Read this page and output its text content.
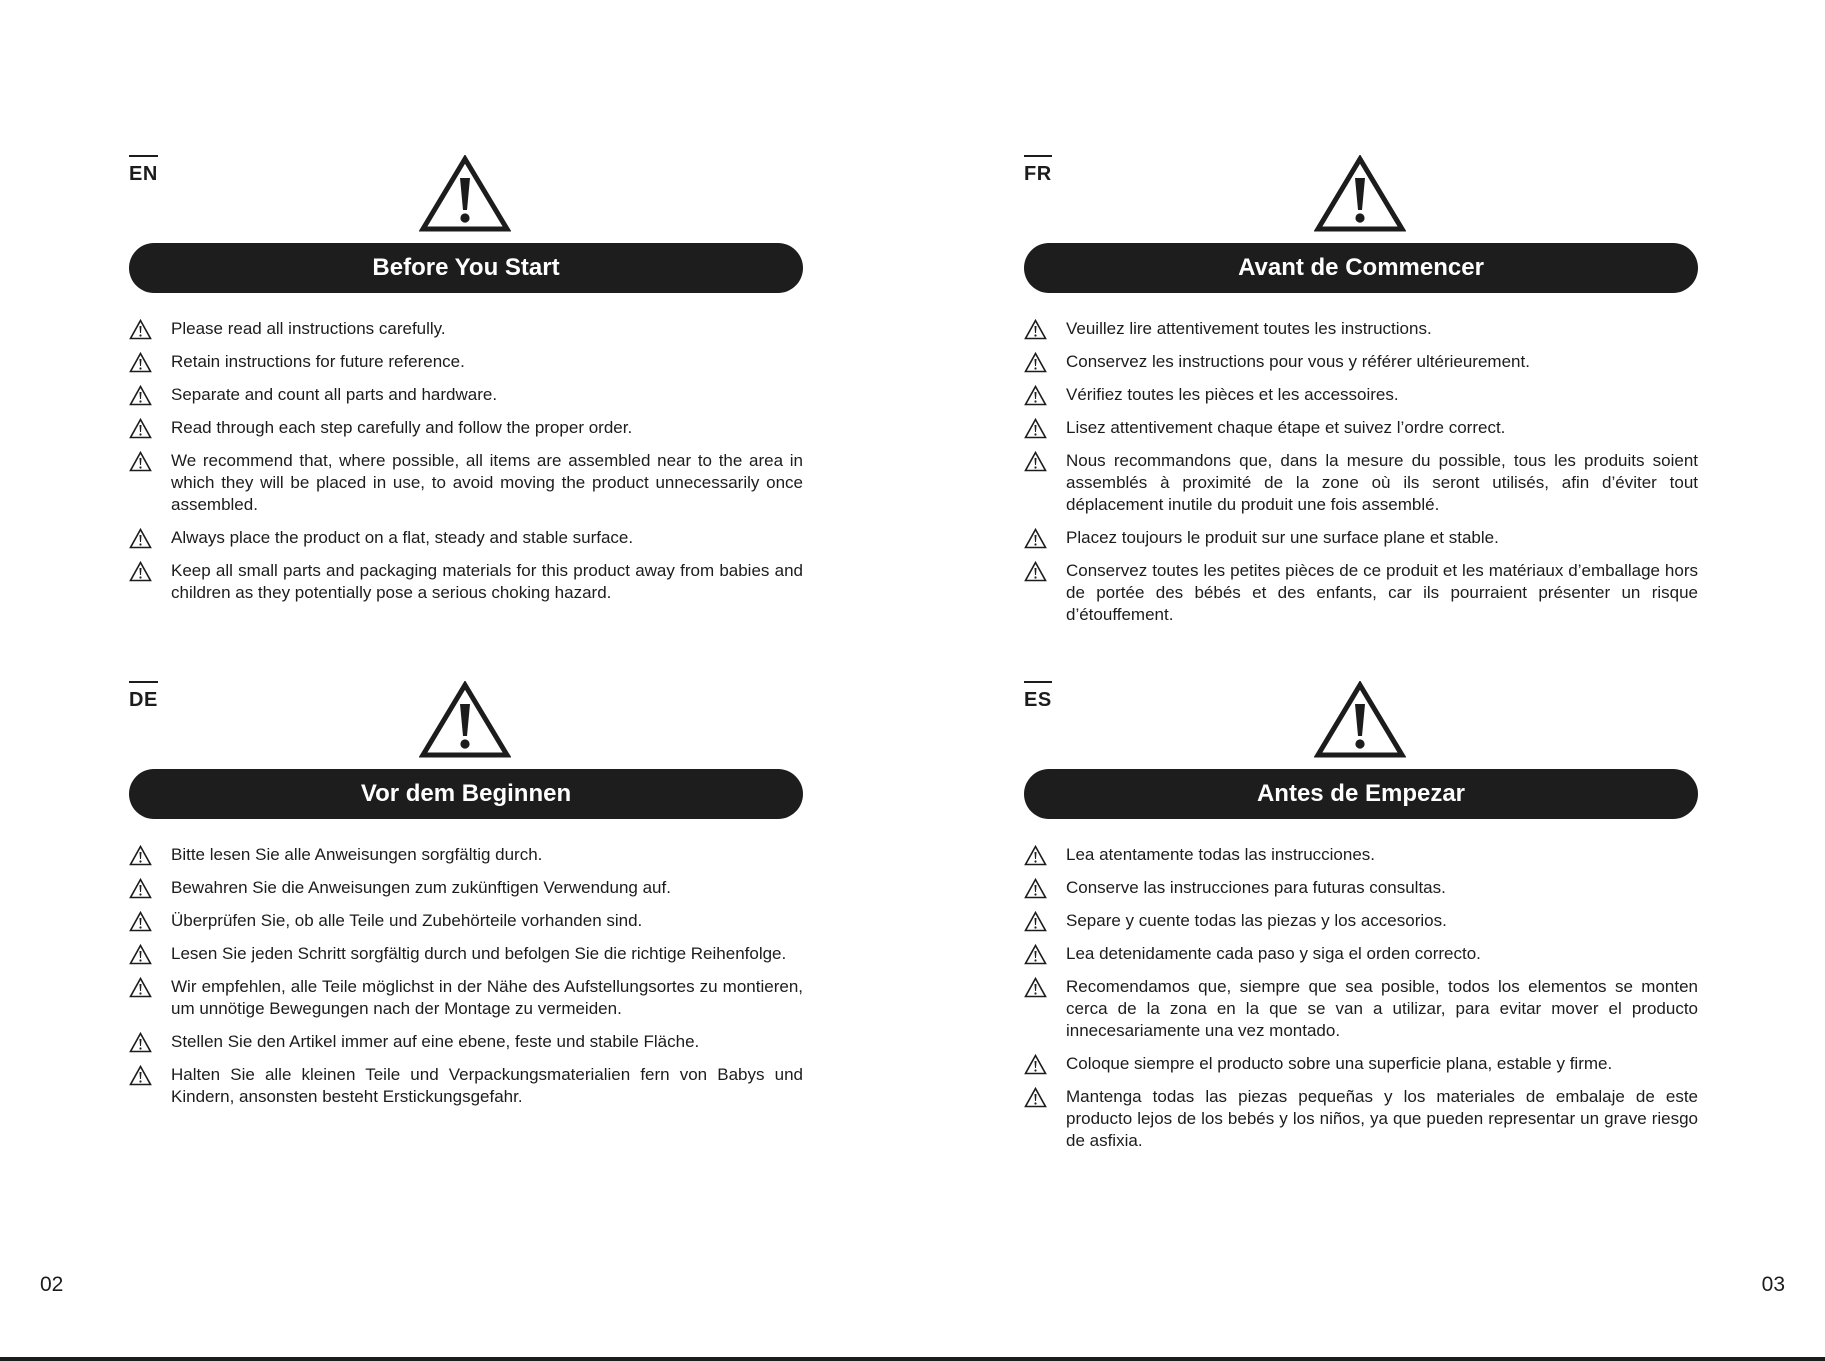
EN
Before You Start
Please read all instructions carefully.
Retain instructions for future reference.
Separate and count all parts and hardware.
Read through each step carefully and follow the proper order.
We recommend that, where possible, all items are assembled near to the area in which they will be placed in use, to avoid moving the product unnecessarily once assembled.
Always place the product on a flat, steady and stable surface.
Keep all small parts and packaging materials for this product away from babies and children as they potentially pose a serious choking hazard.
FR
Avant de Commencer
Veuillez lire attentivement toutes les instructions.
Conservez les instructions pour vous y référer ultérieurement.
Vérifiez toutes les pièces et les accessoires.
Lisez attentivement chaque étape et suivez l’ordre correct.
Nous recommandons que, dans la mesure du possible, tous les produits soient assemblés à proximité de la zone où ils seront utilisés, afin d’éviter tout déplacement inutile du produit une fois assemblé.
Placez toujours le produit sur une surface plane et stable.
Conservez toutes les petites pièces de ce produit et les matériaux d’emballage hors de portée des bébés et des enfants, car ils pourraient présenter un risque d’étouffement.
DE
Vor dem Beginnen
Bitte lesen Sie alle Anweisungen sorgfältig durch.
Bewahren Sie die Anweisungen zum zukünftigen Verwendung auf.
Überprüfen Sie, ob alle Teile und Zubehörteile vorhanden sind.
Lesen Sie jeden Schritt sorgfältig durch und befolgen Sie die richtige Reihenfolge.
Wir empfehlen, alle Teile möglichst in der Nähe des Aufstellungsortes zu montieren, um unnötige Bewegungen nach der Montage zu vermeiden.
Stellen Sie den Artikel immer auf eine ebene, feste und stabile Fläche.
Halten Sie alle kleinen Teile und Verpackungsmaterialien fern von Babys und Kindern, ansonsten besteht Erstickungsgefahr.
ES
Antes de Empezar
Lea atentamente todas las instrucciones.
Conserve las instrucciones para futuras consultas.
Separe y cuente todas las piezas y los accesorios.
Lea detenidamente cada paso y siga el orden correcto.
Recomendamos que, siempre que sea posible, todos los elementos se monten cerca de la zona en la que se van a utilizar, para evitar mover el producto innecesariamente una vez montado.
Coloque siempre el producto sobre una superficie plana, estable y firme.
Mantenga todas las piezas pequeñas y los materiales de embalaje de este producto lejos de los bebés y los niños, ya que pueden representar un grave riesgo de asfixia.
02	03
